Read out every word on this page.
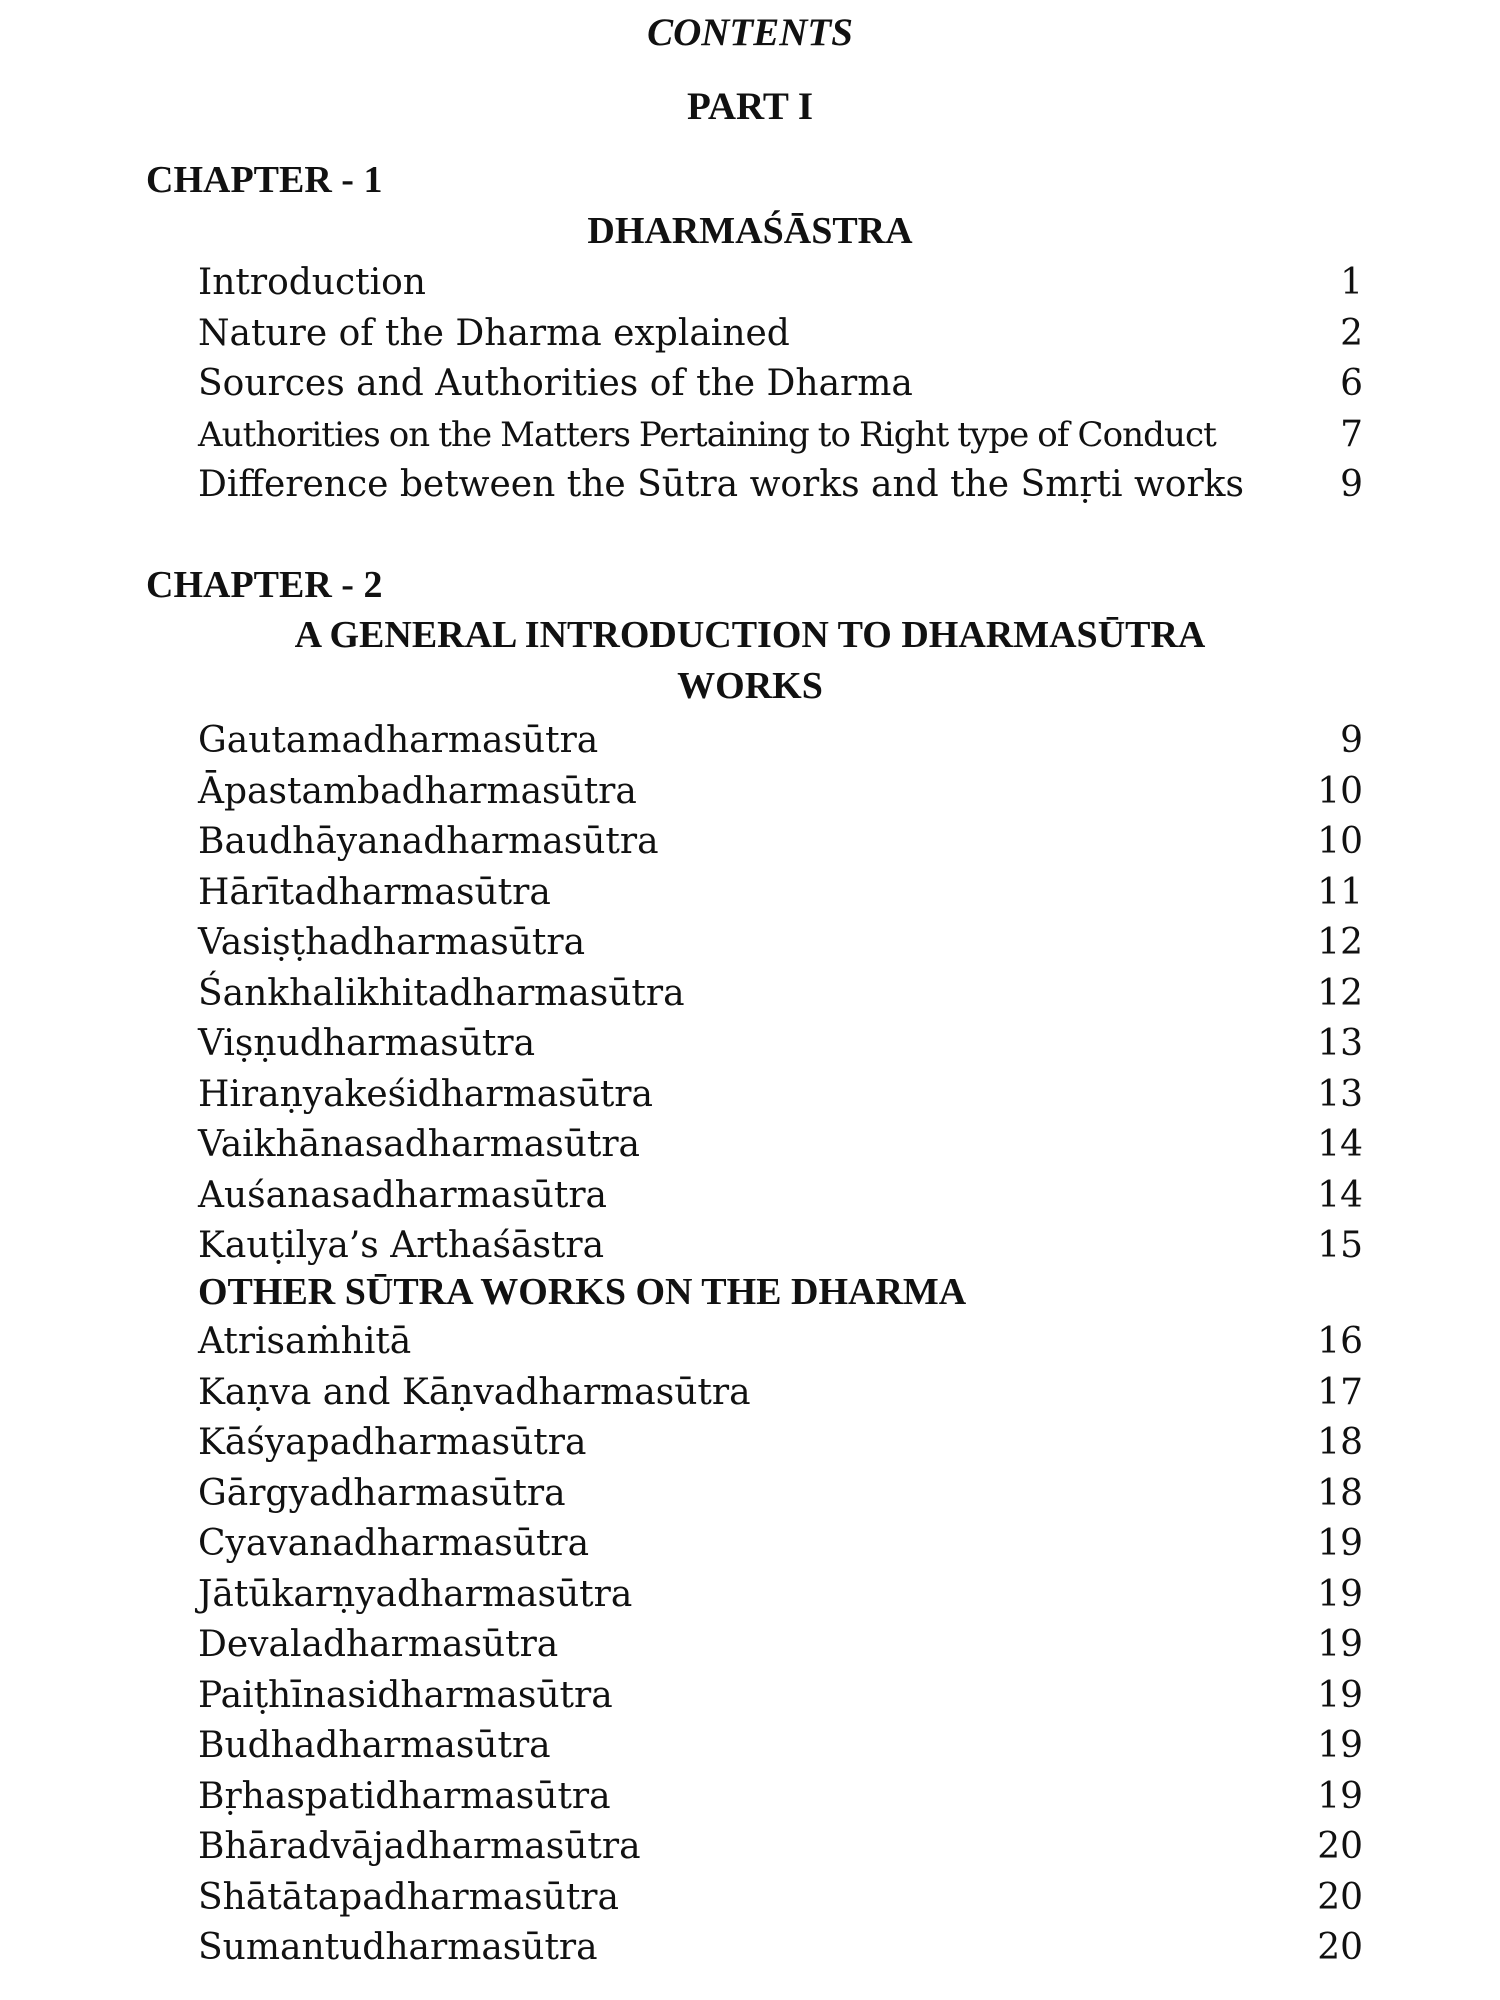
CONTENTS
PART I
CHAPTER - 1
DHARMAŚĀSTRA
Introduction	1
Nature of the Dharma explained	2
Sources and Authorities of the Dharma	6
Authorities on the Matters Pertaining to Right type of Conduct	7
Difference between the Sūtra works and the Smṛti works	9
CHAPTER - 2
A GENERAL INTRODUCTION TO DHARMASŪTRA
WORKS
Gautamadharmasūtra	9
Āpastambadharmasūtra	10
Baudhāyanadharmasūtra	10
Hārītadharmasūtra	11
Vasiṣṭhadharmasūtra	12
Śankhalikhitadharmasūtra	12
Viṣṇudharmasūtra	13
Hiraṇyakeśidharmasūtra	13
Vaikhānasadharmasūtra	14
Auśanasadharmasūtra	14
Kauṭilya’s Arthaśāstra	15
OTHER SŪTRA WORKS ON THE DHARMA
Atrisaṁhitā	16
Kaṇva and Kāṇvadharmasūtra	17
Kāśyapadharmasūtra	18
Gārgyadharmasūtra	18
Cyavanadharmasūtra	19
Jātūkarṇyadharmasūtra	19
Devaladharmasūtra	19
Paiṭhīnasidharmasūtra	19
Budhadharmasūtra	19
Bṛhaspatidharmasūtra	19
Bhāradvājadharmasūtra	20
Shātātapadharmasūtra	20
Sumantudharmasūtra	20
